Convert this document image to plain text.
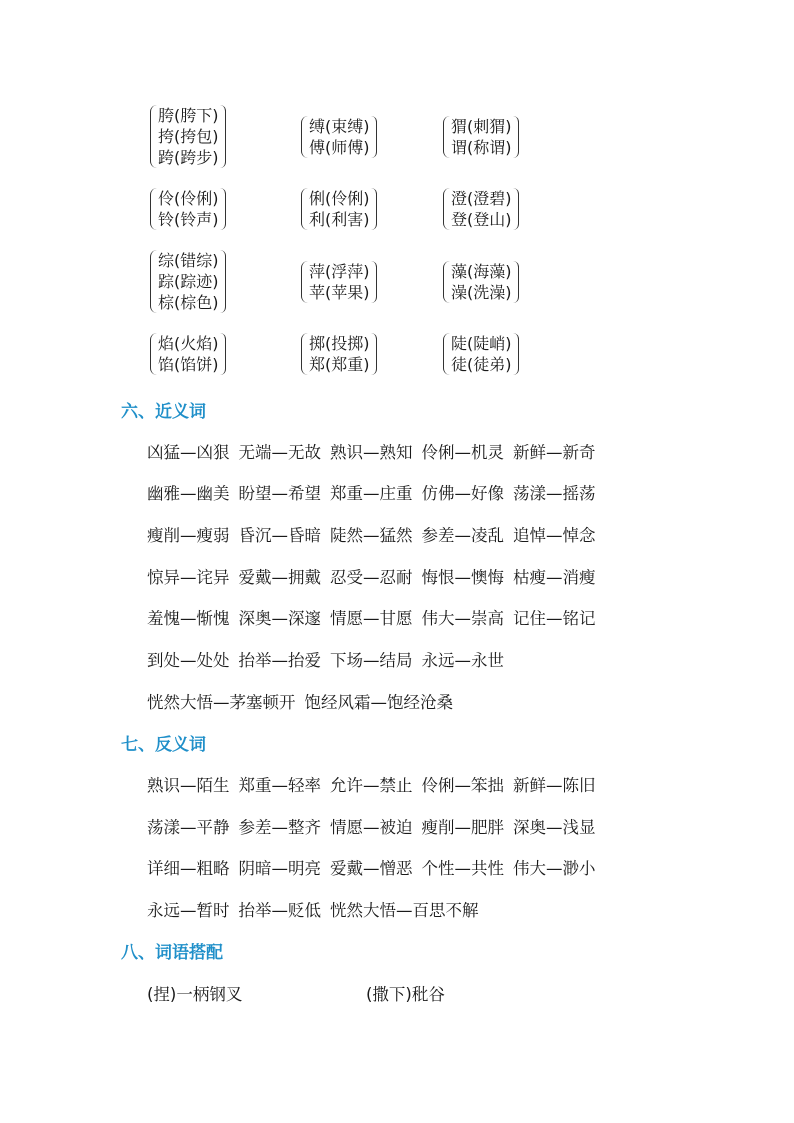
胯(胯下)
挎(挎包)
跨(跨步)
缚(束缚)
傅(师傅)
猬(刺猬)
谓(称谓)
伶(伶俐)
铃(铃声)
俐(伶俐)
利(利害)
澄(澄碧)
登(登山)
综(错综)
踪(踪迹)
棕(棕色)
萍(浮萍)
苹(苹果)
藻(海藻)
澡(洗澡)
焰(火焰)
馅(馅饼)
掷(投掷)
郑(郑重)
陡(陡峭)
徒(徒弟)
六、近义词
凶猛—凶狠 无端—无故 熟识—熟知 伶俐—机灵 新鲜—新奇
幽雅—幽美 盼望—希望 郑重—庄重 仿佛—好像 荡漾—摇荡
瘦削—瘦弱 昏沉—昏暗 陡然—猛然 参差—凌乱 追悼—悼念
惊异—诧异 爱戴—拥戴 忍受—忍耐 悔恨—懊悔 枯瘦—消瘦
羞愧—惭愧 深奥—深邃 情愿—甘愿 伟大—崇高 记住—铭记
到处—处处 抬举—抬爱 下场—结局 永远—永世
恍然大悟—茅塞顿开 饱经风霜—饱经沧桑
七、反义词
熟识—陌生 郑重—轻率 允许—禁止 伶俐—笨拙 新鲜—陈旧
荡漾—平静 参差—整齐 情愿—被迫 瘦削—肥胖 深奥—浅显
详细—粗略 阴暗—明亮 爱戴—憎恶 个性—共性 伟大—渺小
永远—暂时 抬举—贬低 恍然大悟—百思不解
八、词语搭配
(捏)一柄钢叉	(撒下)秕谷
